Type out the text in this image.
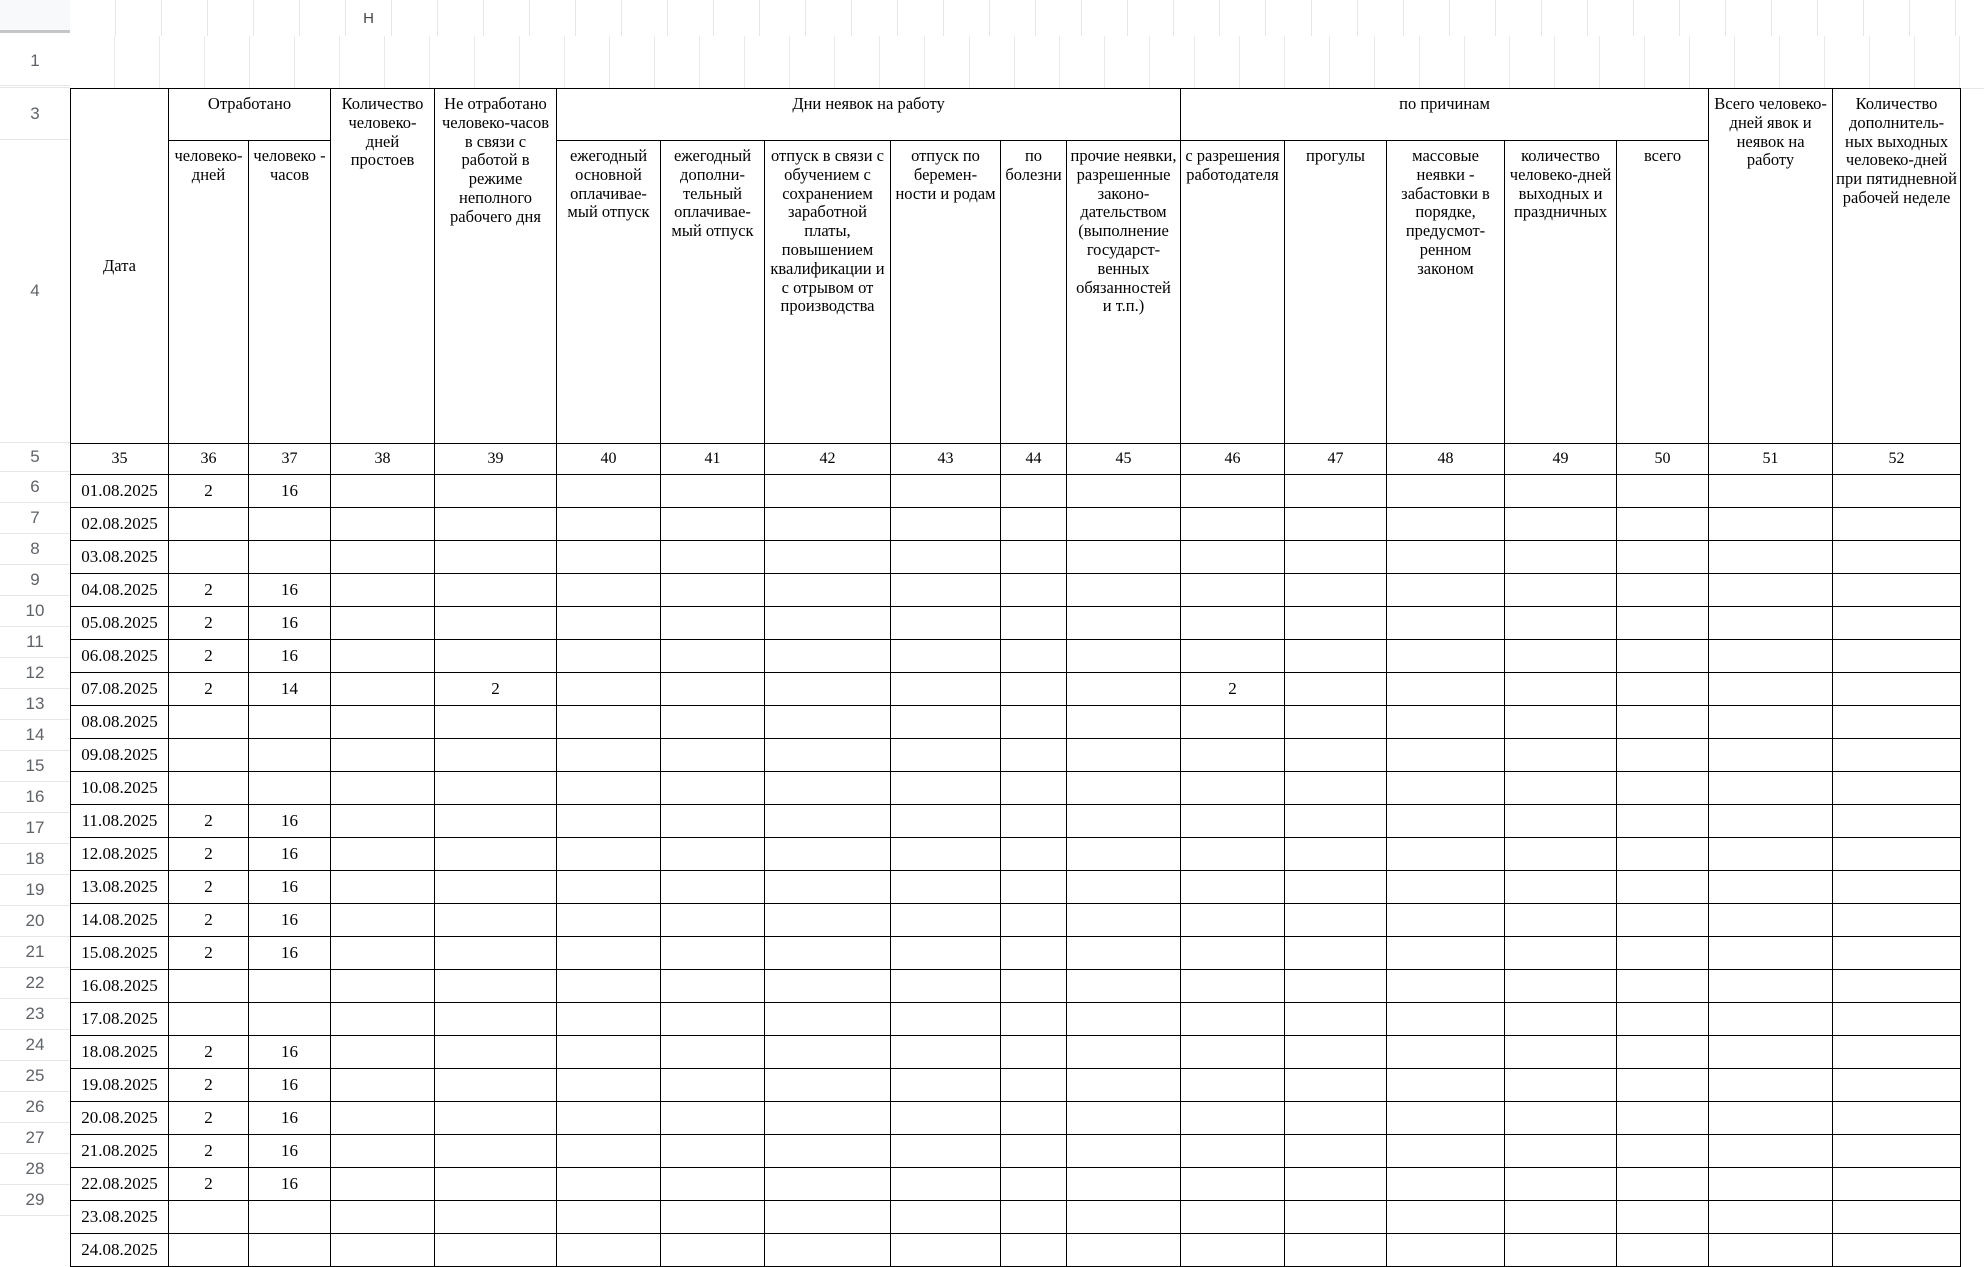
H
1
3
4
5
6
7
8
9
10
11
12
13
14
15
16
17
18
19
20
21
22
23
24
25
26
27
28
29
Дата	Отработано		Количество человеко-дней простоев	Не отработано человеко-часов в связи с работой в режиме неполного рабочего дня	Дни неявок на работу						по причинам					Всего человеко-дней явок и неявок на работу	Количество дополнитель-ных выходных человеко-дней при пятидневной рабочей неделе
	человеко-дней	человеко - часов			ежегодный основной оплачивае-мый отпуск	ежегодный дополни-тельный оплачивае-мый отпуск	отпуск в связи с обучением с сохранением заработной платы, повышением квалификации и с отрывом от производства	отпуск по беремен-ности и родам	по болезни	прочие неявки, разрешенные законо-дательством (выполнение государст-венных обязанностей и т.п.)	с разрешения работодателя	прогулы	массовые неявки - забастовки в порядке, предусмот-ренном законом	количество человеко-дней выходных и праздничных	всего		
35	36	37	38	39	40	41	42	43	44	45	46	47	48	49	50	51	52
01.08.2025	2	16															
02.08.2025																	
03.08.2025																	
04.08.2025	2	16															
05.08.2025	2	16															
06.08.2025	2	16															
07.08.2025	2	14		2							2						
08.08.2025																	
09.08.2025																	
10.08.2025																	
11.08.2025	2	16															
12.08.2025	2	16															
13.08.2025	2	16															
14.08.2025	2	16															
15.08.2025	2	16															
16.08.2025																	
17.08.2025																	
18.08.2025	2	16															
19.08.2025	2	16															
20.08.2025	2	16															
21.08.2025	2	16															
22.08.2025	2	16															
23.08.2025																	
24.08.2025																	
